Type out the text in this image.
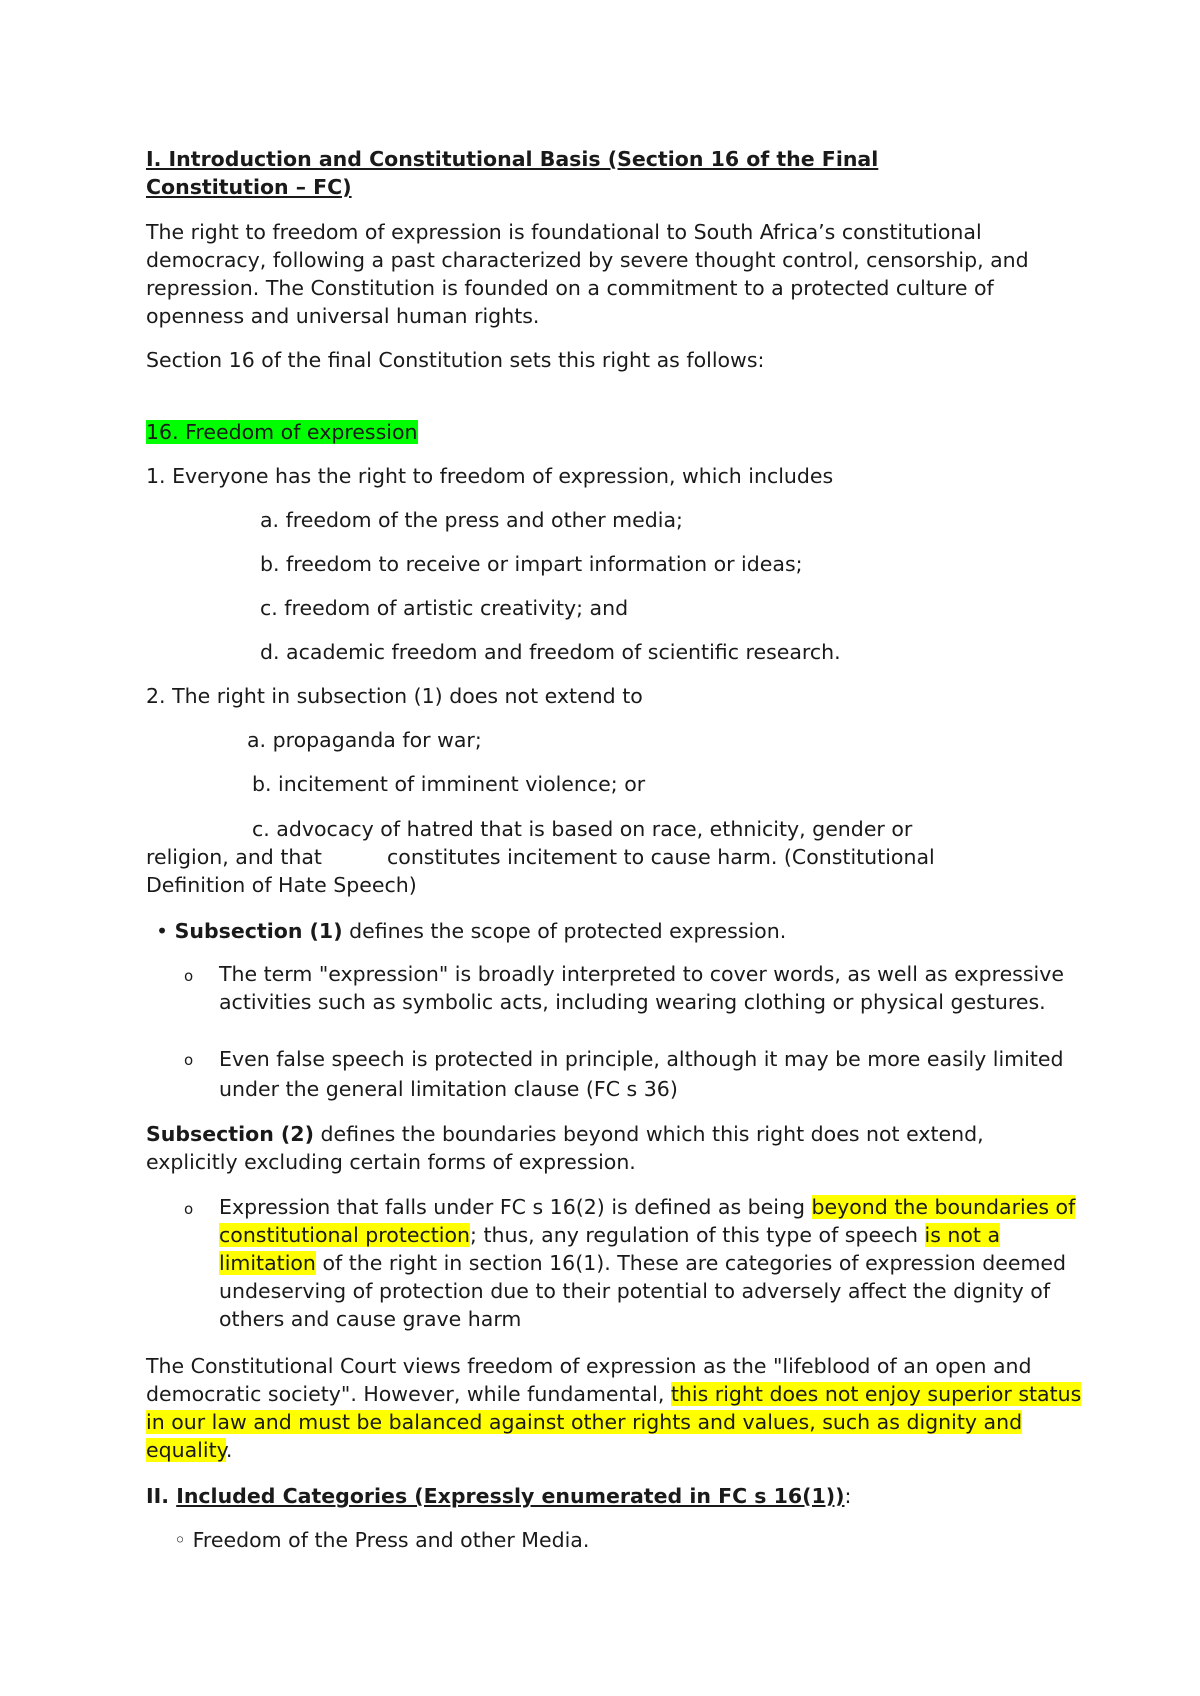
I. Introduction and Constitutional Basis (Section 16 of the Final

Constitution – FC)

The right to freedom of expression is foundational to South Africa’s constitutional democracy, following a past characterized by severe thought control, censorship, and repression. The Constitution is founded on a commitment to a protected culture of openness and universal human rights.

Section 16 of the final Constitution sets this right as follows:

16. Freedom of expression

1. Everyone has the right to freedom of expression, which includes

a. freedom of the press and other media;

b. freedom to receive or impart information or ideas;

c. freedom of artistic creativity; and

d. academic freedom and freedom of scientific research.

2. The right in subsection (1) does not extend to

a. propaganda for war;

b. incitement of imminent violence; or

c. advocacy of hatred that is based on race, ethnicity, gender or

religion, and that	constitutes incitement to cause harm. (Constitutional

Definition of Hate Speech)

• Subsection (1) defines the scope of protected expression.

o The term "expression" is broadly interpreted to cover words, as well as expressive activities such as symbolic acts, including wearing clothing or physical gestures.

o Even false speech is protected in principle, although it may be more easily limited under the general limitation clause (FC s 36)

Subsection (2) defines the boundaries beyond which this right does not extend, explicitly excluding certain forms of expression.

o Expression that falls under FC s 16(2) is defined as being beyond the boundaries of constitutional protection; thus, any regulation of this type of speech is not a limitation of the right in section 16(1). These are categories of expression deemed undeserving of protection due to their potential to adversely affect the dignity of others and cause grave harm

The Constitutional Court views freedom of expression as the "lifeblood of an open and democratic society". However, while fundamental, this right does not enjoy superior status in our law and must be balanced against other rights and values, such as dignity and equality.

II. Included Categories (Expressly enumerated in FC s 16(1)):

◦ Freedom of the Press and other Media.
